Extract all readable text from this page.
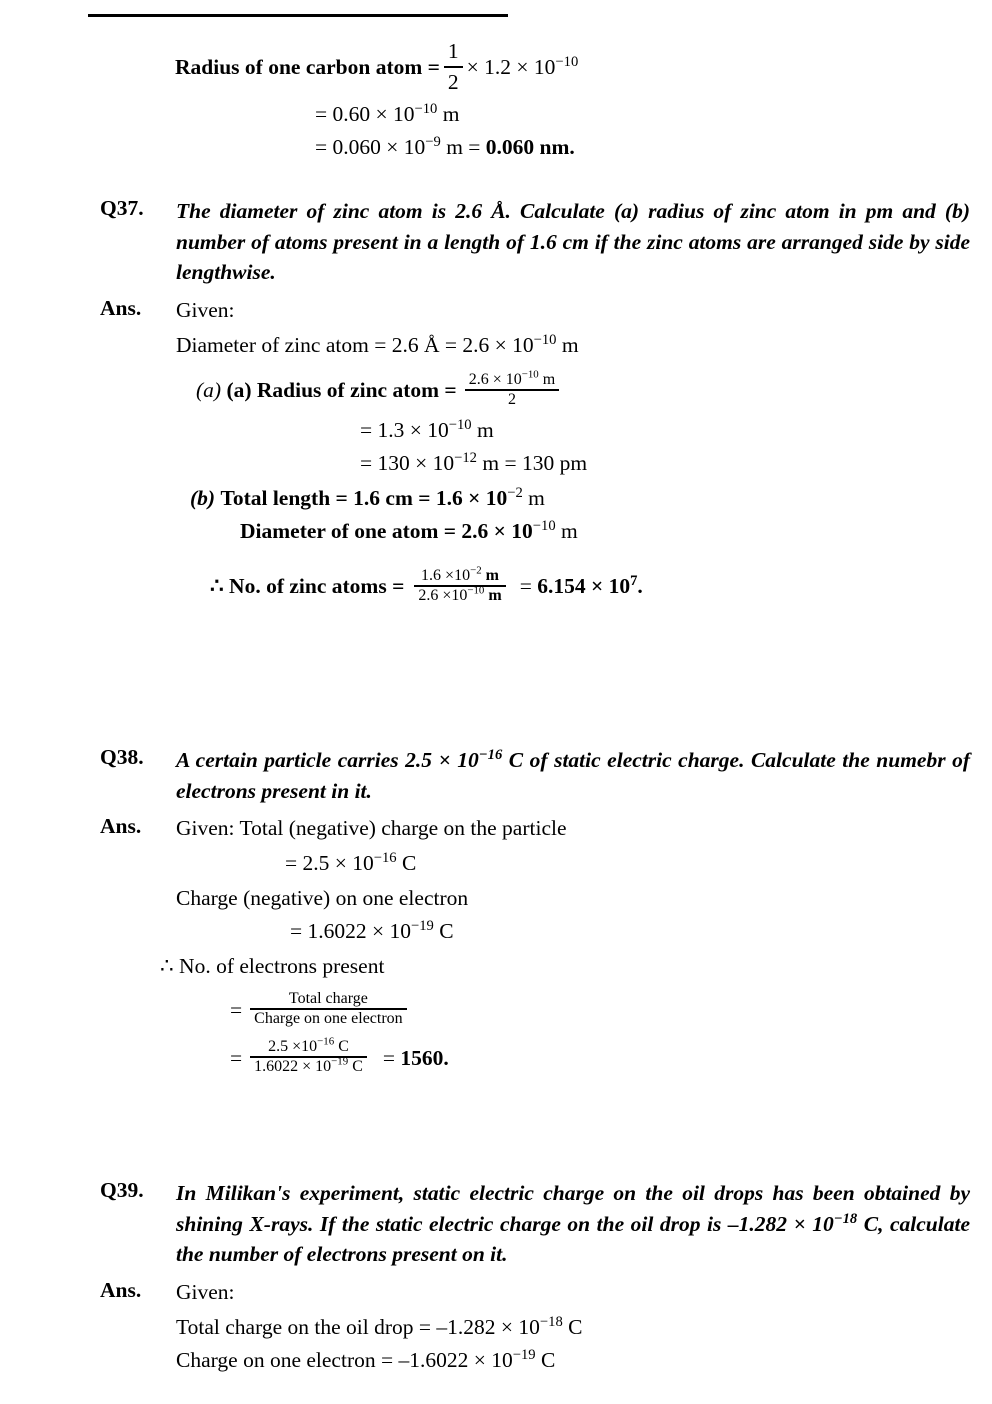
Radius of one carbon atom = $\frac{1}{2} \times 1.2 \times 10^{-10}$
= $0.60 \times 10^{-10}$ m
= $0.060 \times 10^{-9}$ m = 0.060 nm.
Q37.	The diameter of zinc atom is 2.6 Å. Calculate (a) radius of zinc atom in pm and (b) number of atoms present in a length of 1.6 cm if the zinc atoms are arranged side by side lengthwise.
Ans.	Given:
Diameter of zinc atom = 2.6 Å = $2.6 \times 10^{-10}$ m
(a) (a) Radius of zinc atom = $\frac{2.6 \times 10^{-10} m}{2}$
= $1.3 \times 10^{-10}$ m
= $130 \times 10^{-12}$ m = 130 pm
(b) Total length = 1.6 cm = $1.6 \times 10^{-2}$ m
Diameter of one atom = $2.6 \times 10^{-10}$ m
∴ No. of zinc atoms = $\frac{1.6 \times 10^{-2} m}{2.6 \times 10^{-10} m} = 6.154 \times 10^7$.
Q38.	A certain particle carries $2.5 \times 10^{-16}$ C of static electric charge. Calculate the numebr of electrons present in it.
Ans.	Given: Total (negative) charge on the particle
= $2.5 \times 10^{-16}$ C
Charge (negative) on one electron
= $1.6022 \times 10^{-19}$ C
∴ No. of electrons present
= $\frac{\text{Total charge}}{\text{Charge on one electron}}$
= $\frac{2.5 \times 10^{-16} C}{1.6022 \times 10^{-19} C} = 1560$.
Q39.	In Milikan's experiment, static electric charge on the oil drops has been obtained by shining X-rays. If the static electric charge on the oil drop is $-1.282 \times 10^{-18}$ C, calculate the number of electrons present on it.
Ans.	Given:
Total charge on the oil drop = $-1.282 \times 10^{-18}$ C
Charge on one electron = $-1.6022 \times 10^{-19}$ C
